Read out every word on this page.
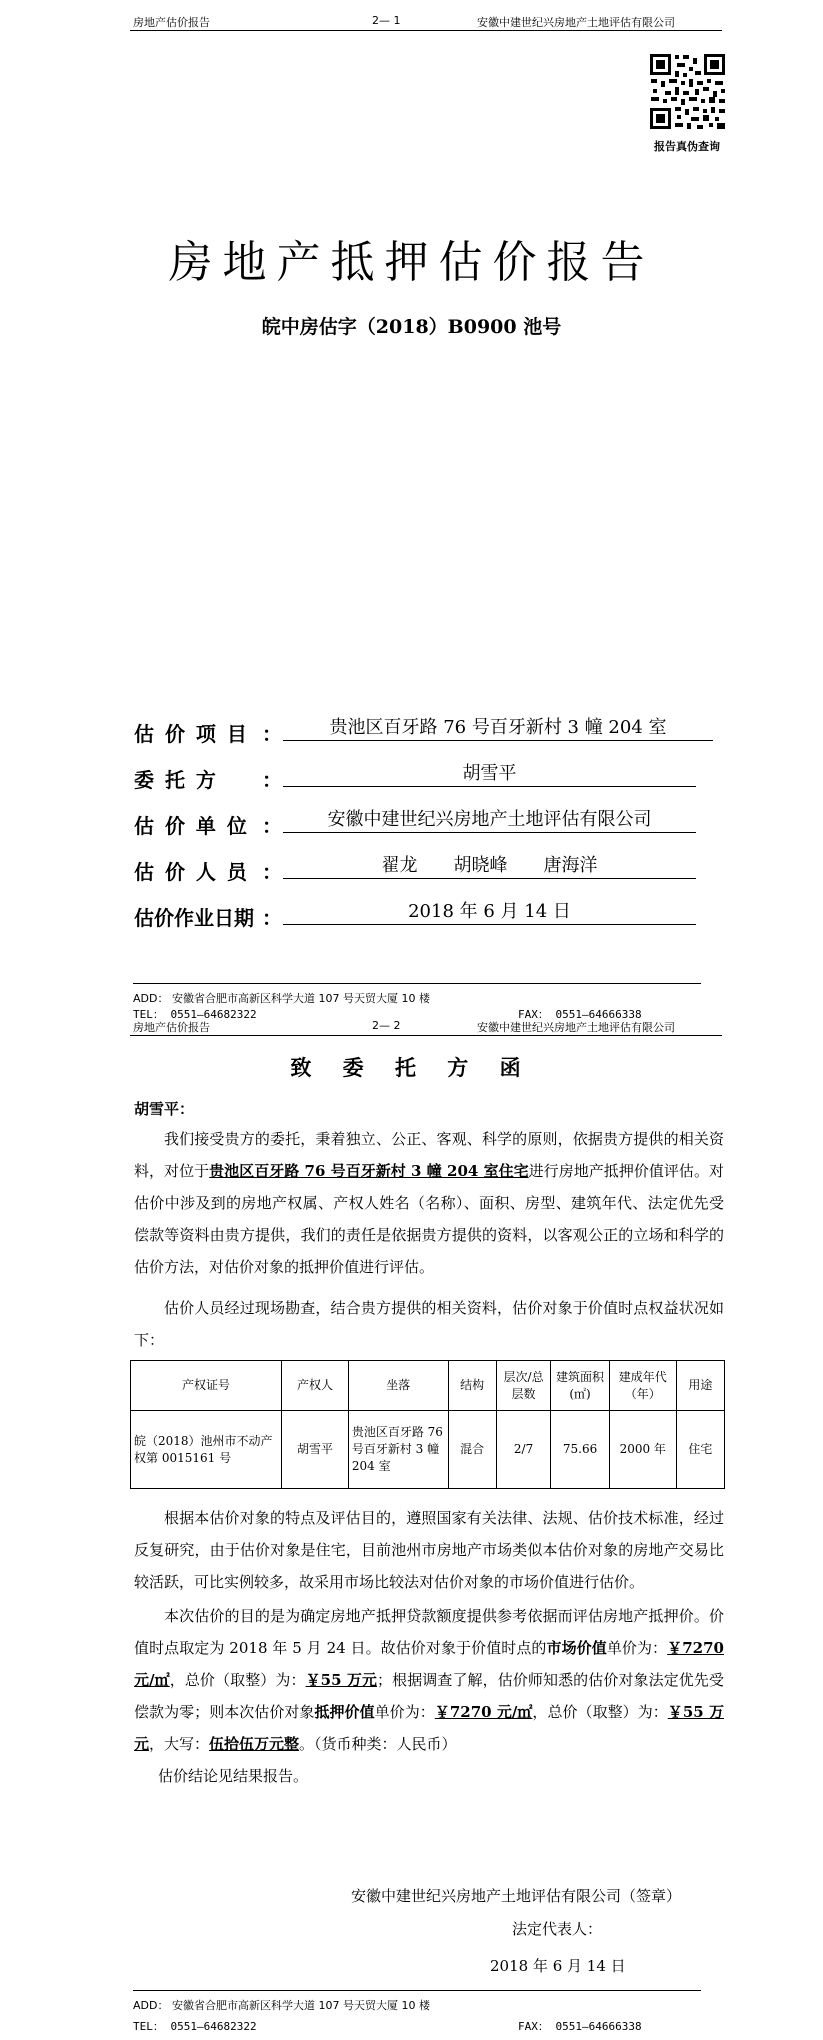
房地产估价报告	2— 1	安徽中建世纪兴房地产土地评估有限公司
报告真伪查询
房地产抵押估价报告
皖中房估字（2018）B0900 池号
估 价 项 目 ：	贵池区百牙路 76 号百牙新村 3 幢 204 室
委 托 方 ：	胡雪平
估 价 单 位 ：	安徽中建世纪兴房地产土地评估有限公司
估 价 人 员 ：	翟龙　　胡晓峰　　唐海洋
估价作业日期 ：	2018 年 6 月 14 日
ADD： 安徽省合肥市高新区科学大道 107 号天贸大厦 10 楼
TEL： 0551—64682322	FAX： 0551—64666338
房地产估价报告	2— 2	安徽中建世纪兴房地产土地评估有限公司
致 委 托 方 函
胡雪平：
我们接受贵方的委托，秉着独立、公正、客观、科学的原则，依据贵方提供的相关资料，对位于贵池区百牙路 76 号百牙新村 3 幢 204 室住宅进行房地产抵押价值评估。对估价中涉及到的房地产权属、产权人姓名（名称）、面积、房型、建筑年代、法定优先受偿款等资料由贵方提供，我们的责任是依据贵方提供的资料，以客观公正的立场和科学的估价方法，对估价对象的抵押价值进行评估。
估价人员经过现场勘查，结合贵方提供的相关资料，估价对象于价值时点权益状况如下：
产权证号	产权人	坐落	结构	层次/总层数	建筑面积(㎡)	建成年代（年）	用途
皖（2018）池州市不动产权第 0015161 号	胡雪平	贵池区百牙路 76 号百牙新村 3 幢 204 室	混合	2/7	75.66	2000 年	住宅
根据本估价对象的特点及评估目的，遵照国家有关法律、法规、估价技术标准，经过反复研究，由于估价对象是住宅，目前池州市房地产市场类似本估价对象的房地产交易比较活跃，可比实例较多，故采用市场比较法对估价对象的市场价值进行估价。
本次估价的目的是为确定房地产抵押贷款额度提供参考依据而评估房地产抵押价。价值时点取定为 2018 年 5 月 24 日。故估价对象于价值时点的市场价值单价为：￥7270 元/㎡，总价（取整）为：￥55 万元；根据调查了解，估价师知悉的估价对象法定优先受偿款为零；则本次估价对象抵押价值单价为：￥7270 元/㎡，总价（取整）为：￥55 万元，大写：伍拾伍万元整。（货币种类：人民币）
估价结论见结果报告。
安徽中建世纪兴房地产土地评估有限公司（签章）
法定代表人：
2018 年 6 月 14 日
ADD： 安徽省合肥市高新区科学大道 107 号天贸大厦 10 楼
TEL： 0551—64682322	FAX： 0551—64666338
